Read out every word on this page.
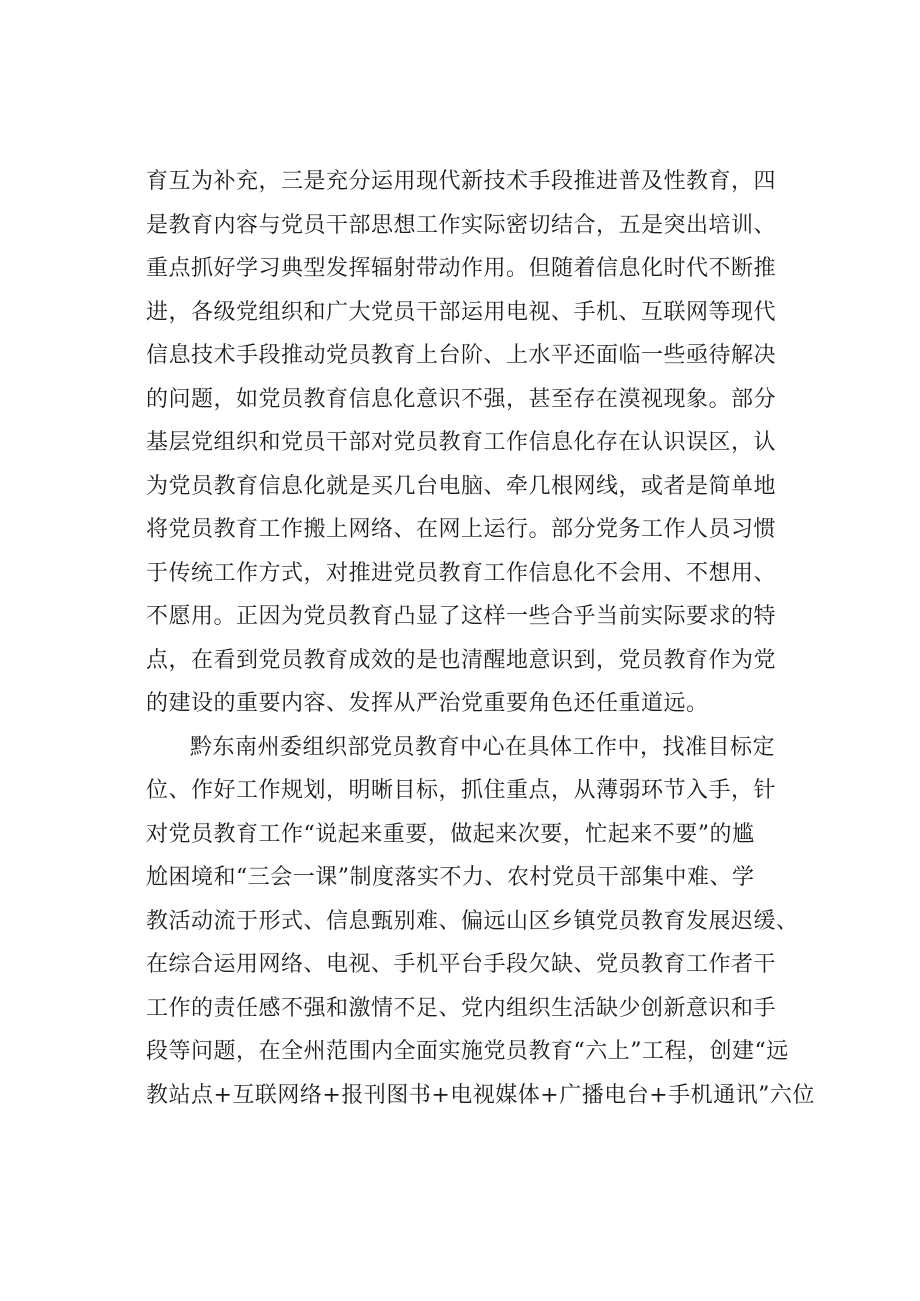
育互为补充，三是充分运用现代新技术手段推进普及性教育，四
是教育内容与党员干部思想工作实际密切结合，五是突出培训、
重点抓好学习典型发挥辐射带动作用。但随着信息化时代不断推
进，各级党组织和广大党员干部运用电视、手机、互联网等现代
信息技术手段推动党员教育上台阶、上水平还面临一些亟待解决
的问题，如党员教育信息化意识不强，甚至存在漠视现象。部分
基层党组织和党员干部对党员教育工作信息化存在认识误区，认
为党员教育信息化就是买几台电脑、牵几根网线，或者是简单地
将党员教育工作搬上网络、在网上运行。部分党务工作人员习惯
于传统工作方式，对推进党员教育工作信息化不会用、不想用、
不愿用。正因为党员教育凸显了这样一些合乎当前实际要求的特
点，在看到党员教育成效的是也清醒地意识到，党员教育作为党
的建设的重要内容、发挥从严治党重要角色还任重道远。
黔东南州委组织部党员教育中心在具体工作中，找准目标定
位、作好工作规划，明晰目标，抓住重点，从薄弱环节入手，针
对党员教育工作“说起来重要，做起来次要，忙起来不要”的尴
尬困境和“三会一课”制度落实不力、农村党员干部集中难、学
教活动流于形式、信息甄别难、偏远山区乡镇党员教育发展迟缓、
在综合运用网络、电视、手机平台手段欠缺、党员教育工作者干
工作的责任感不强和激情不足、党内组织生活缺少创新意识和手
段等问题，在全州范围内全面实施党员教育“六上”工程，创建“远
教站点+互联网络+报刊图书+电视媒体+广播电台+手机通讯”六位
